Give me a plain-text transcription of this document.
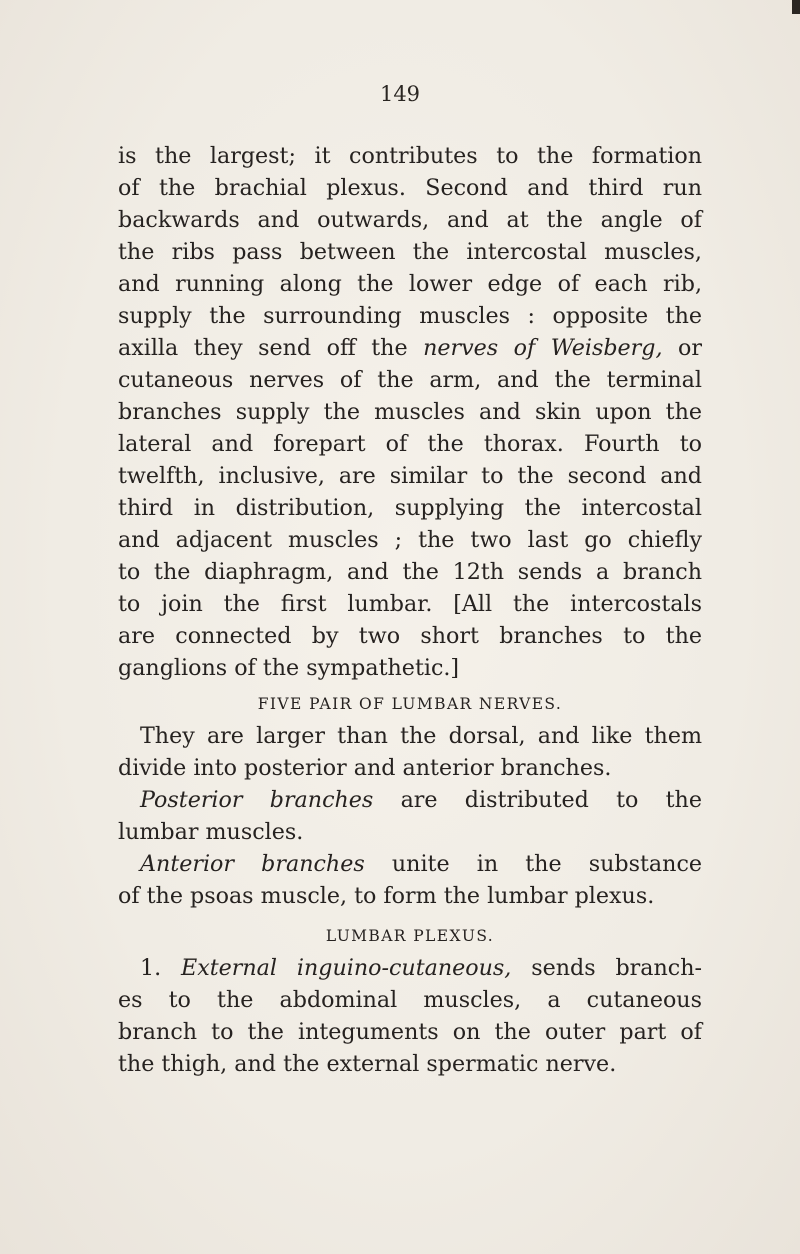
149
is the largest; it contributes to the formation
of the brachial plexus. Second and third run
backwards and outwards, and at the angle of
the ribs pass between the intercostal muscles,
and running along the lower edge of each rib,
supply the surrounding muscles : opposite the
axilla they send off the nerves of Weisberg, or
cutaneous nerves of the arm, and the terminal
branches supply the muscles and skin upon the
lateral and forepart of the thorax. Fourth to
twelfth, inclusive, are similar to the second and
third in distribution, supplying the intercostal
and adjacent muscles ; the two last go chiefly
to the diaphragm, and the 12th sends a branch
to join the first lumbar. [All the intercostals
are connected by two short branches to the
ganglions of the sympathetic.]
FIVE PAIR OF LUMBAR NERVES.
They are larger than the dorsal, and like them
divide into posterior and anterior branches.
Posterior branches are distributed to the
lumbar muscles.
Anterior branches unite in the substance
of the psoas muscle, to form the lumbar plexus.
LUMBAR PLEXUS.
1. External inguino-cutaneous, sends branch-
es to the abdominal muscles, a cutaneous
branch to the integuments on the outer part of
the thigh, and the external spermatic nerve.
